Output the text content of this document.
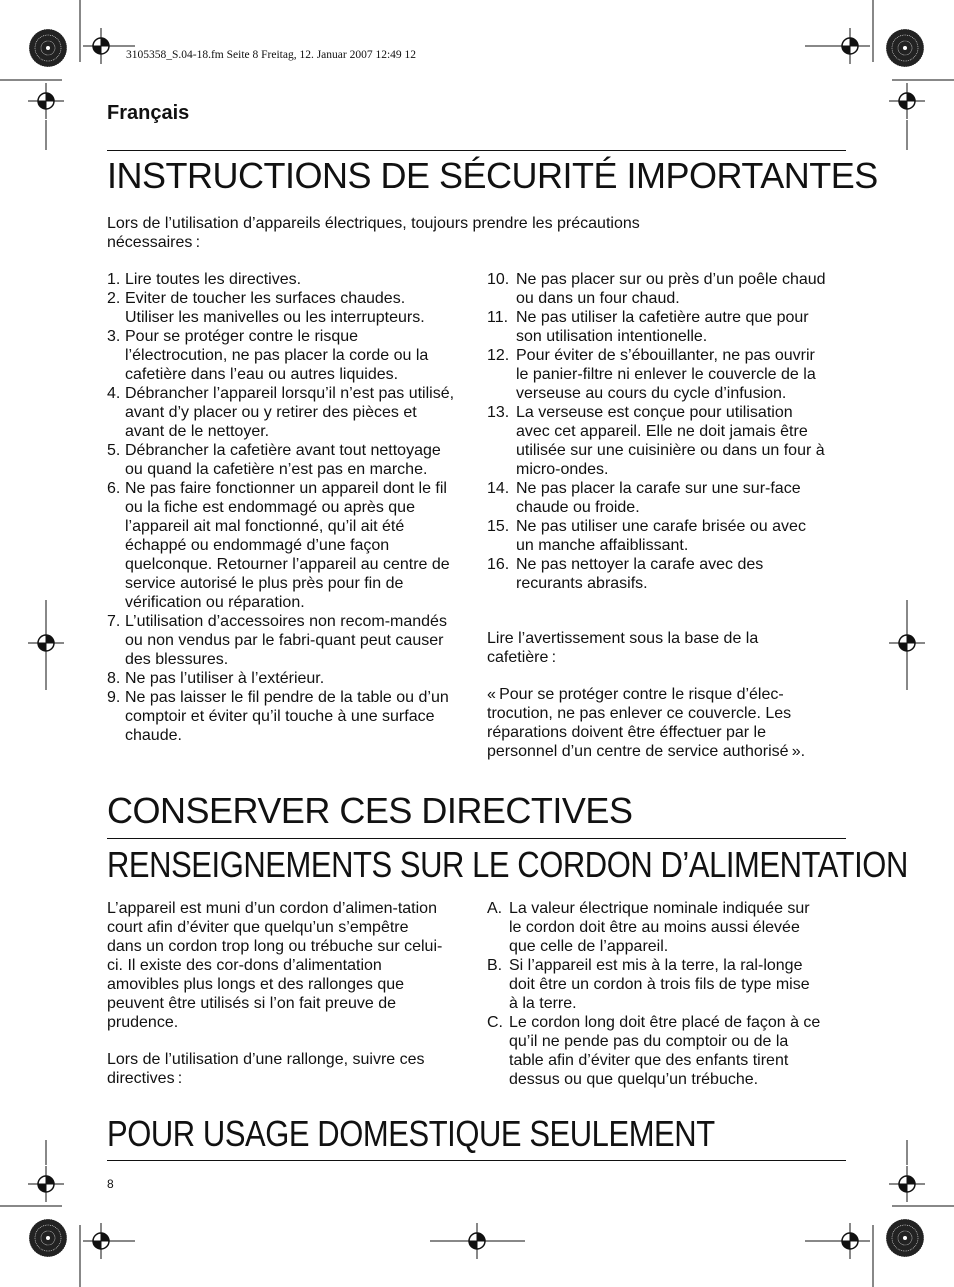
3105358_S.04-18.fm Seite 8 Freitag, 12. Januar 2007 12:49 12
Français
INSTRUCTIONS DE SÉCURITÉ IMPORTANTES
Lors de l’utilisation d’appareils électriques, toujours prendre les précautions nécessaires :
1. Lire toutes les directives.
2. Eviter de toucher les surfaces chaudes. Utiliser les manivelles ou les interrupteurs.
3. Pour se protéger contre le risque l’électrocution, ne pas placer la corde ou la cafetière dans l’eau ou autres liquides.
4. Débrancher l’appareil lorsqu’il n’est pas utilisé, avant d’y placer ou y retirer des pièces et avant de le nettoyer.
5. Débrancher la cafetière avant tout nettoyage ou quand la cafetière n’est pas en marche.
6. Ne pas faire fonctionner un appareil dont le fil ou la fiche est endommagé ou après que l’appareil ait mal fonctionné, qu’il ait été échappé ou endommagé d’une façon quelconque. Retourner l’appareil au centre de service autorisé le plus près pour fin de vérification ou réparation.
7. L’utilisation d’accessoires non recom-mandés ou non vendus par le fabri-quant peut causer des blessures.
8. Ne pas l’utiliser à l’extérieur.
9. Ne pas laisser le fil pendre de la table ou d’un comptoir et éviter qu’il touche à une surface chaude.
10. Ne pas placer sur ou près d’un poêle chaud ou dans un four chaud.
11. Ne pas utiliser la cafetière autre que pour son utilisation intentionelle.
12. Pour éviter de s’ébouillanter, ne pas ouvrir le panier-filtre ni enlever le couvercle de la verseuse au cours du cycle d’infusion.
13. La verseuse est conçue pour utilisation avec cet appareil. Elle ne doit jamais être utilisée sur une cuisinière ou dans un four à micro-ondes.
14. Ne pas placer la carafe sur une sur-face chaude ou froide.
15. Ne pas utiliser une carafe brisée ou avec un manche affaiblissant.
16. Ne pas nettoyer la carafe avec des recurants abrasifs.
Lire l’avertissement sous la base de la cafetière :
« Pour se protéger contre le risque d’élec-trocution, ne pas enlever ce couvercle. Les réparations doivent être éffectuer par le personnel d’un centre de service authorisé ».
CONSERVER CES DIRECTIVES
RENSEIGNEMENTS SUR LE CORDON D’ALIMENTATION
L’appareil est muni d’un cordon d’alimen-tation court afin d’éviter que quelqu’un s’empêtre dans un cordon trop long ou trébuche sur celui-ci. Il existe des cor-dons d’alimentation amovibles plus longs et des rallonges que peuvent être utilisés si l’on fait preuve de prudence.
Lors de l’utilisation d’une rallonge, suivre ces directives :
A. La valeur électrique nominale indiquée sur le cordon doit être au moins aussi élevée que celle de l’appareil.
B. Si l’appareil est mis à la terre, la ral-longe doit être un cordon à trois fils de type mise à la terre.
C. Le cordon long doit être placé de façon à ce qu’il ne pende pas du comptoir ou de la table afin d’éviter que des enfants tirent dessus ou que quelqu’un trébuche.
POUR USAGE DOMESTIQUE SEULEMENT
8
